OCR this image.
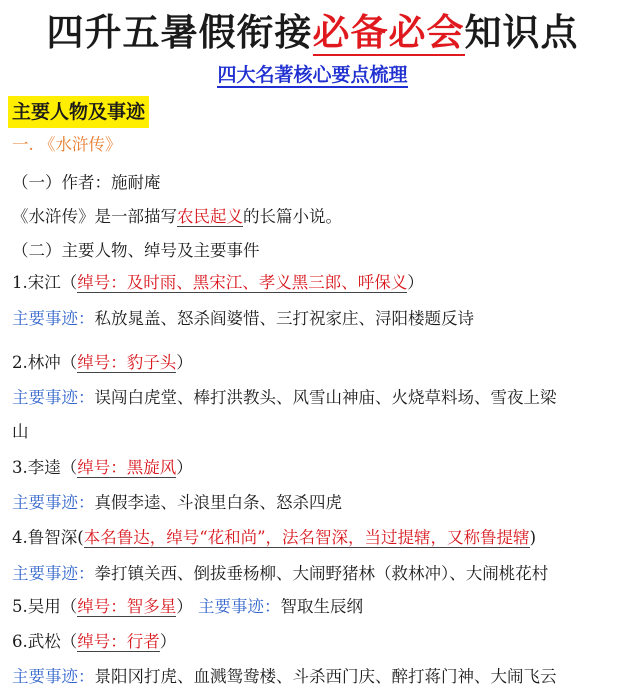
四升五暑假衔接必备必会知识点
四大名著核心要点梳理
主要人物及事迹
一. 《水浒传》
（一）作者：施耐庵
《水浒传》是一部描写农民起义的长篇小说。
（二）主要人物、绰号及主要事件
1.宋江（绰号：及时雨、黑宋江、孝义黑三郎、呼保义）
主要事迹：私放晁盖、怒杀阎婆惜、三打祝家庄、浔阳楼题反诗
2.林冲（绰号：豹子头）
主要事迹：误闯白虎堂、棒打洪教头、风雪山神庙、火烧草料场、雪夜上梁
山
3.李逵（绰号：黑旋风）
主要事迹：真假李逵、斗浪里白条、怒杀四虎
4.鲁智深(本名鲁达，绰号“花和尚”，法名智深，当过提辖，又称鲁提辖)
主要事迹：拳打镇关西、倒拔垂杨柳、大闹野猪林（救林冲）、大闹桃花村
5.吴用（绰号：智多星） 主要事迹：智取生辰纲
6.武松（绰号：行者）
主要事迹：景阳冈打虎、血溅鸳鸯楼、斗杀西门庆、醉打蒋门神、大闹飞云
